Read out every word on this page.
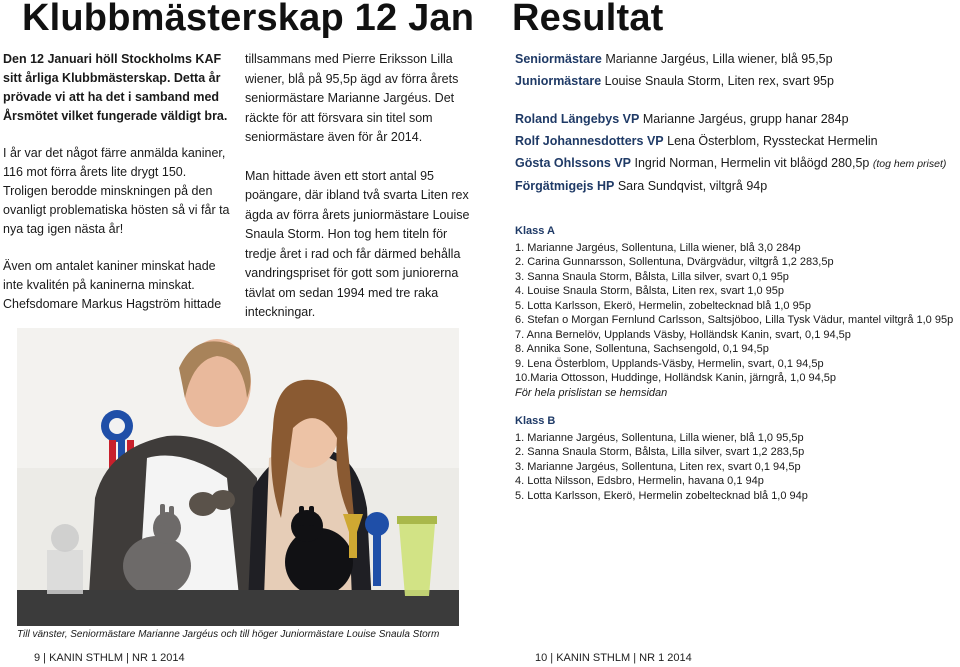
Klubbmästerskap 12 Jan

Den 12 Januari höll Stockholms KAF sitt årliga Klubbmästerskap. Detta år prövade vi att ha det i samband med Årsmötet vilket fungerade väldigt bra.

I år var det något färre anmälda kaniner, 116 mot förra årets lite drygt 150. Troligen berodde minskningen på den ovanligt problematiska hösten så vi får ta nya tag igen nästa år!

Även om antalet kaniner minskat hade inte kvalitén på kaninerna minskat. Chefsdomare Markus Hagström hittade

tillsammans med Pierre Eriksson Lilla wiener, blå på 95,5p ägd av förra årets seniormästare Marianne Jargéus. Det räckte för att försvara sin titel som seniormästare även för år 2014.

Man hittade även ett stort antal 95 poängare, där ibland två svarta Liten rex ägda av förra årets juniormästare Louise Snaula Storm. Hon tog hem titeln för tredje året i rad och får därmed behålla vandringspriset för gott som juniorerna tävlat om sedan 1994 med tre raka inteckningar.

Till vänster, Seniormästare Marianne Jargéus och till höger Juniormästare Louise Snaula Storm
9 | KANIN STHLM | NR 1 2014
Resultat
Seniormästare Marianne Jargéus, Lilla wiener, blå 95,5p
Juniormästare Louise Snaula Storm, Liten rex, svart 95p
Roland Längebys VP Marianne Jargéus, grupp hanar 284p
Rolf Johannesdotters VP Lena Österblom, Ryssteckat Hermelin
Gösta Ohlssons VP Ingrid Norman, Hermelin vit blåögd 280,5p (tog hem priset)
Förgätmigejs HP Sara Sundqvist, viltgrå 94p
Klass A
1. Marianne Jargéus, Sollentuna, Lilla wiener, blå 3,0 284p
2. Carina Gunnarsson, Sollentuna, Dvärgvädur, viltgrå 1,2 283,5p
3. Sanna Snaula Storm, Bålsta, Lilla silver, svart 0,1 95p
4. Louise Snaula Storm, Bålsta, Liten rex, svart 1,0 95p
5. Lotta Karlsson, Ekerö, Hermelin, zobeltecknad blå 1,0 95p
6. Stefan o Morgan Fernlund Carlsson, Saltsjöboo, Lilla Tysk Vädur, mantel viltgrå 1,0 95p
7. Anna Bernelöv, Upplands Väsby, Holländsk Kanin, svart, 0,1 94,5p
8. Annika Sone, Sollentuna, Sachsengold, 0,1 94,5p
9. Lena Österblom, Upplands-Väsby, Hermelin, svart, 0,1 94,5p
10.Maria Ottosson, Huddinge, Holländsk Kanin, järngrå, 1,0 94,5p
För hela prislistan se hemsidan
Klass B
1. Marianne Jargéus, Sollentuna, Lilla wiener, blå 1,0 95,5p
2. Sanna Snaula Storm, Bålsta, Lilla silver, svart 1,2 283,5p
3. Marianne Jargéus, Sollentuna, Liten rex, svart 0,1 94,5p
4. Lotta Nilsson, Edsbro, Hermelin, havana 0,1 94p
5. Lotta Karlsson, Ekerö, Hermelin zobeltecknad blå 1,0 94p
10 | KANIN STHLM | NR 1 2014
